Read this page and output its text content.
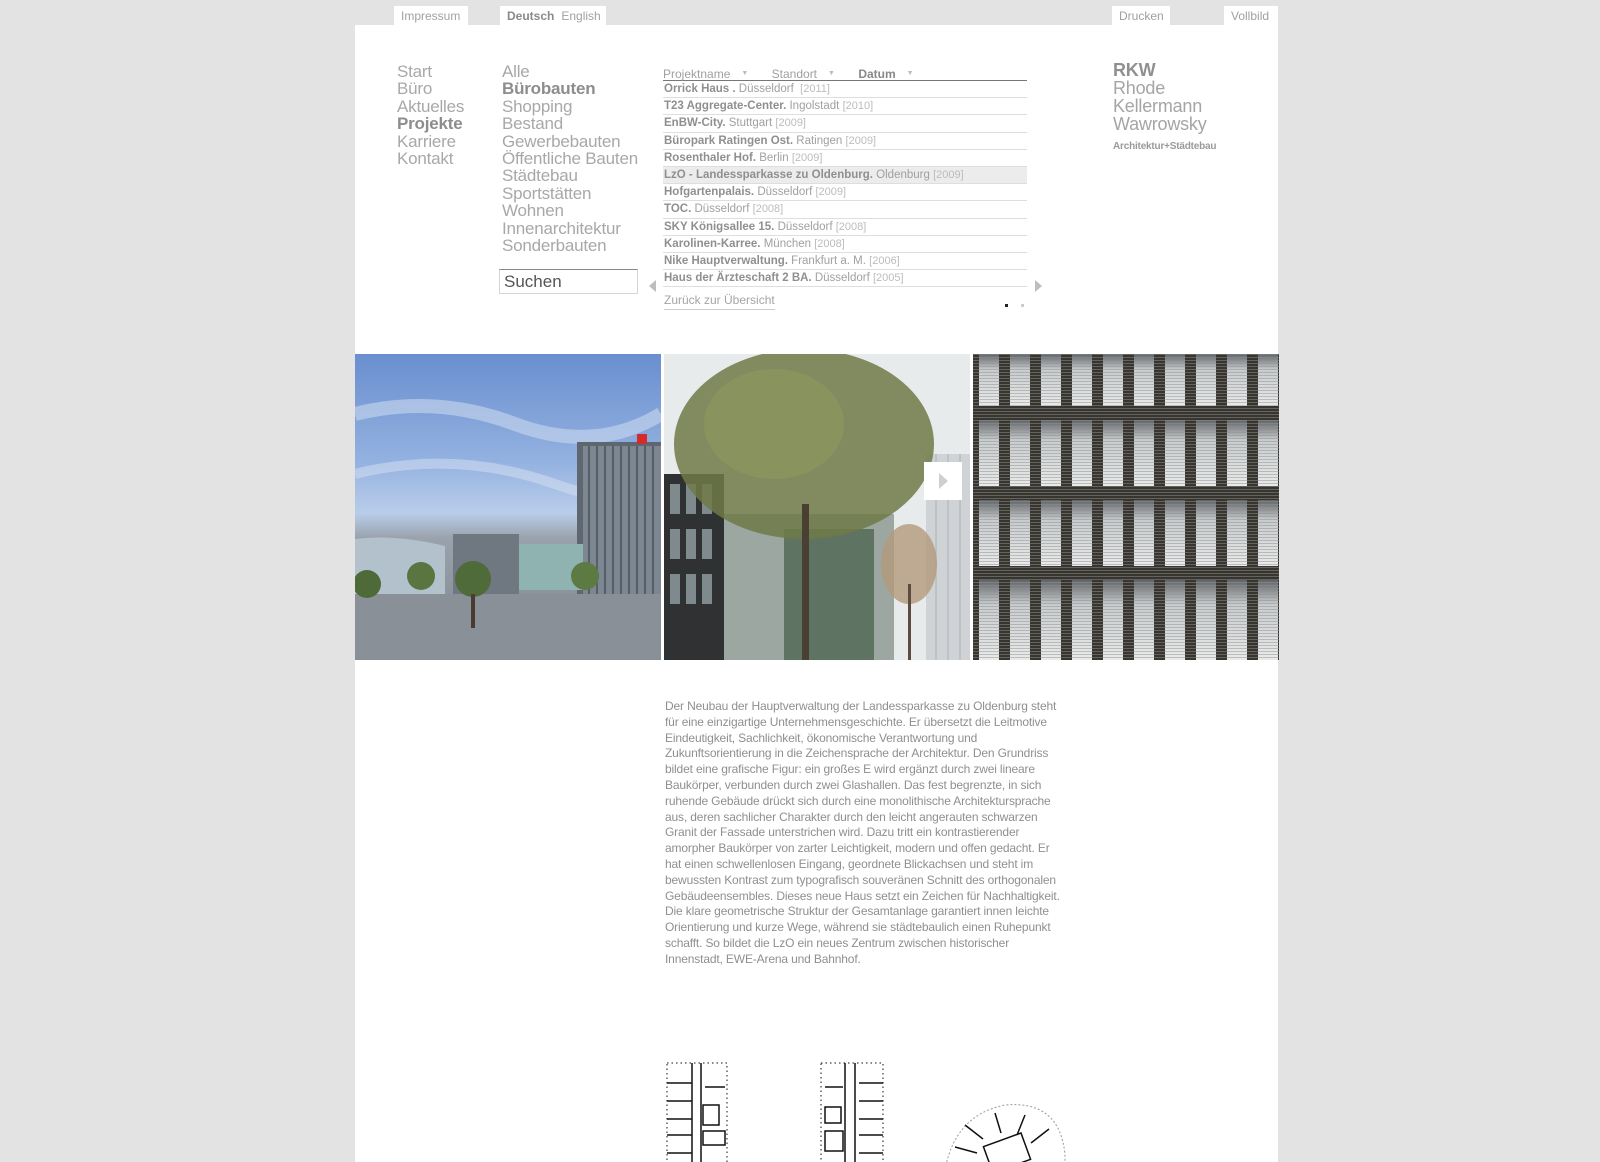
Impressum	Deutsch English	Drucken	Vollbild
Start
Büro
Aktuelles
Projekte
Karriere
Kontakt
Alle
Bürobauten
Shopping
Bestand
Gewerbebauten
Öffentliche Bauten
Städtebau
Sportstätten
Wohnen
Innenarchitektur
Sonderbauten
Suchen
Projektname ▼ Standort ▼ Datum ▼
Orrick Haus . Düsseldorf [2011]
T23 Aggregate-Center. Ingolstadt [2010]
EnBW-City. Stuttgart [2009]
Büropark Ratingen Ost. Ratingen [2009]
Rosenthaler Hof. Berlin [2009]
LzO - Landessparkasse zu Oldenburg. Oldenburg [2009]
Hofgartenpalais. Düsseldorf [2009]
TOC. Düsseldorf [2008]
SKY Königsallee 15. Düsseldorf [2008]
Karolinen-Karree. München [2008]
Nike Hauptverwaltung. Frankfurt a. M. [2006]
Haus der Ärzteschaft 2 BA. Düsseldorf [2005]
Zurück zur Übersicht
RKW
Rhode
Kellermann
Wawrowsky
Architektur+Städtebau

Der Neubau der Hauptverwaltung der Landessparkasse zu Oldenburg steht für eine einzigartige Unternehmensgeschichte. Er übersetzt die Leitmotive Eindeutigkeit, Sachlichkeit, ökonomische Verantwortung und Zukunftsorientierung in die Zeichensprache der Architektur. Den Grundriss bildet eine grafische Figur: ein großes E wird ergänzt durch zwei lineare Baukörper, verbunden durch zwei Glashallen. Das fest begrenzte, in sich ruhende Gebäude drückt sich durch eine monolithische Architektursprache aus, deren sachlicher Charakter durch den leicht angerauten schwarzen Granit der Fassade unterstrichen wird. Dazu tritt ein kontrastierender amorpher Baukörper von zarter Leichtigkeit, modern und offen gedacht. Er hat einen schwellenlosen Eingang, geordnete Blickachsen und steht im bewussten Kontrast zum typografisch souveränen Schnitt des orthogonalen Gebäudeensembles. Dieses neue Haus setzt ein Zeichen für Nachhaltigkeit. Die klare geometrische Struktur der Gesamtanlage garantiert innen leichte Orientierung und kurze Wege, während sie städtebaulich einen Ruhepunkt schafft. So bildet die LzO ein neues Zentrum zwischen historischer Innenstadt, EWE-Arena und Bahnhof.
